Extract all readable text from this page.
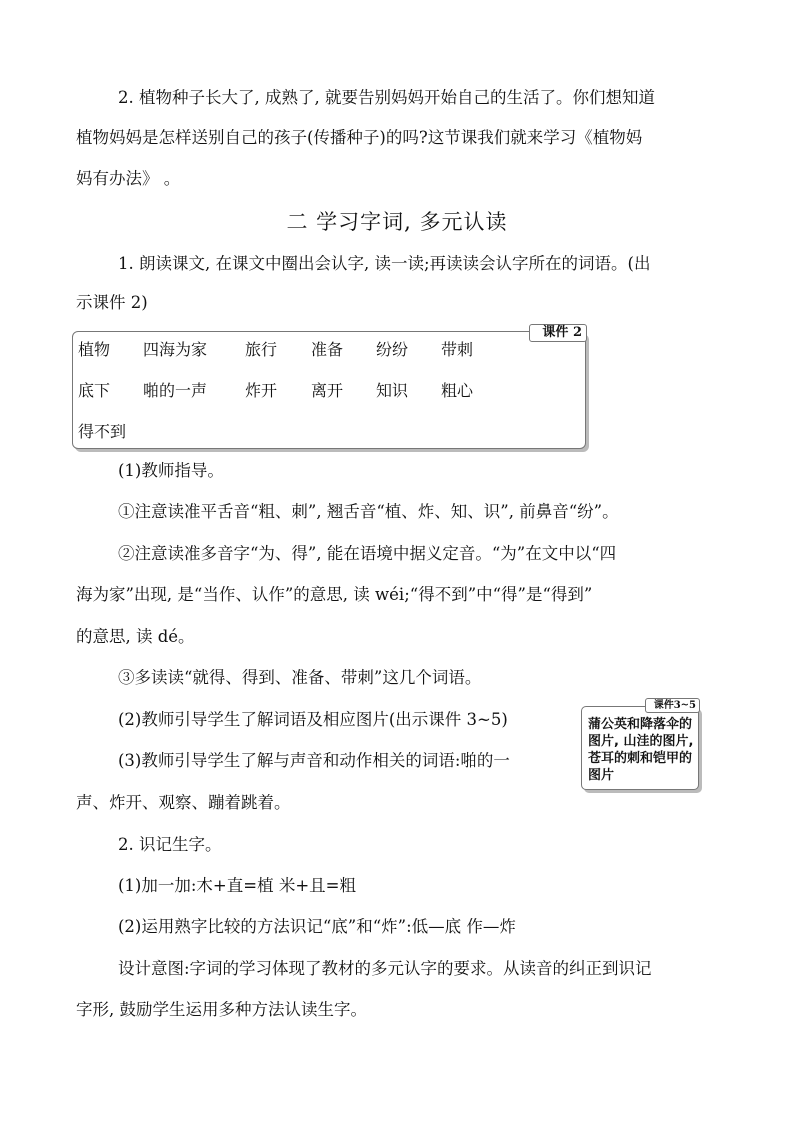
2. 植物种子长大了, 成熟了, 就要告别妈妈开始自己的生活了。你们想知道
植物妈妈是怎样送别自己的孩子(传播种子)的吗?这节课我们就来学习《植物妈
妈有办法》 。
二 学习字词, 多元认读
1. 朗读课文, 在课文中圈出会认字, 读一读;再读读会认字所在的词语。(出
示课件 2)
课件 2
植物 四海为家 旅行 准备 纷纷 带刺
底下 啪的一声 炸开 离开 知识 粗心
得不到
(1)教师指导。
①注意读准平舌音“粗、刺”, 翘舌音“植、炸、知、识”, 前鼻音“纷”。
②注意读准多音字“为、得”, 能在语境中据义定音。“为”在文中以“四
海为家”出现, 是“当作、认作”的意思, 读 wéi;“得不到”中“得”是“得到”
的意思, 读 dé。
③多读读“就得、得到、准备、带刺”这几个词语。
(2)教师引导学生了解词语及相应图片(出示课件 3~5)
(3)教师引导学生了解与声音和动作相关的词语:啪的一
声、炸开、观察、蹦着跳着。
课件3~5
蒲公英和降落伞的图片, 山洼的图片, 苍耳的刺和铠甲的图片
2. 识记生字。
(1)加一加:木+直=植 米+且=粗
(2)运用熟字比较的方法识记“底”和“炸”:低—底 作—炸
设计意图:字词的学习体现了教材的多元认字的要求。从读音的纠正到识记
字形, 鼓励学生运用多种方法认读生字。
